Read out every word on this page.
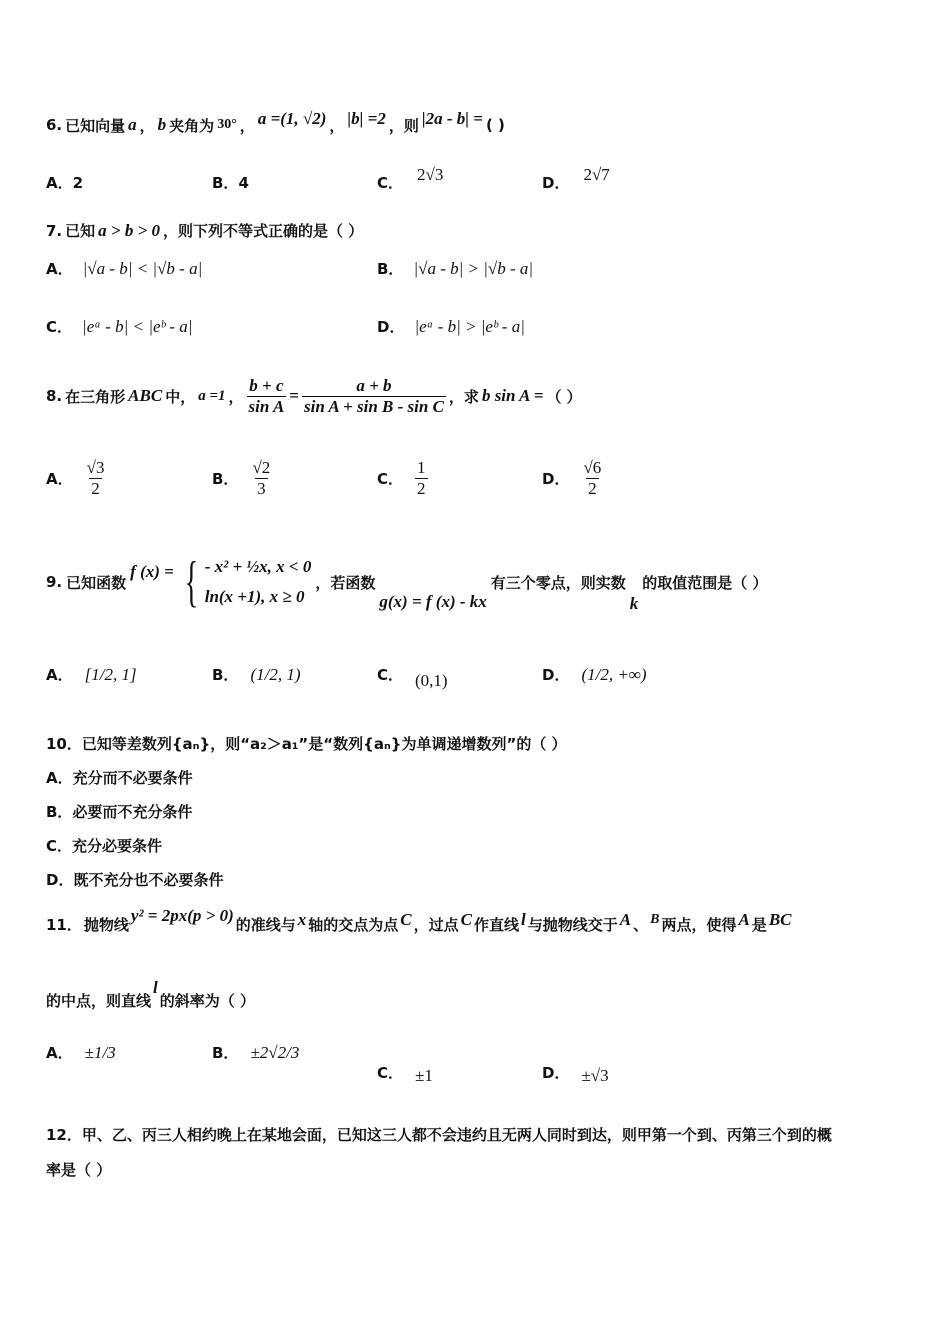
6. 已知向量 a ， b 夹角为 30° ， a =(1, √2) ， |b| =2 ，则 |2a - b| = ( )
A．2	B．4	C． 2√3	D． 2√7
7. 已知 a > b > 0 ，则下列不等式正确的是（ ）
A． |√a - b| < |√b - a|	B． |√a - b| > |√b - a|
C． |eᵃ - b| < |eᵇ - a|	D． |eᵃ - b| > |eᵇ - a|
8. 在三角形 ABC 中， a =1 ， $\frac{b + c}{\text{sin A}} = \frac{a + b}{\text{sin A + sin B - sin C}}$ ，求 b sin A = （ ）
A． $\frac{√3}{2}$	B． $\frac{√2}{3}$	C． $\frac{1}{2}$	D． $\frac{√6}{2}$
9. 已知函数
f (x) = { - x² + ½x, x < 0
ln(x +1), x ≥ 0
，若函数
g(x) = f (x) - kx
有三个零点，则实数
k
的取值范围是（ ）
A． [1/2, 1]	B． (1/2, 1)	C． (0,1)	D． (1/2, +∞)
10．已知等差数列{aₙ}，则“a₂＞a₁”是“数列{aₙ}为单调递增数列”的（ ）
A．充分而不必要条件
B．必要而不充分条件
C．充分必要条件
D．既不充分也不必要条件
11． 抛物线 y² = 2px(p > 0) 的准线与 x 轴的交点为点 C ，过点 C 作直线 l 与抛物线交于 A 、 B 两点，使得 A 是 BC
的中点，则直线
l
的斜率为（ ）
A． ±1/3	B． ±2√2/3
C． ±1	D． ±√3
12．甲、乙、丙三人相约晚上在某地会面，已知这三人都不会违约且无两人同时到达，则甲第一个到、丙第三个到的概
率是（ ）
